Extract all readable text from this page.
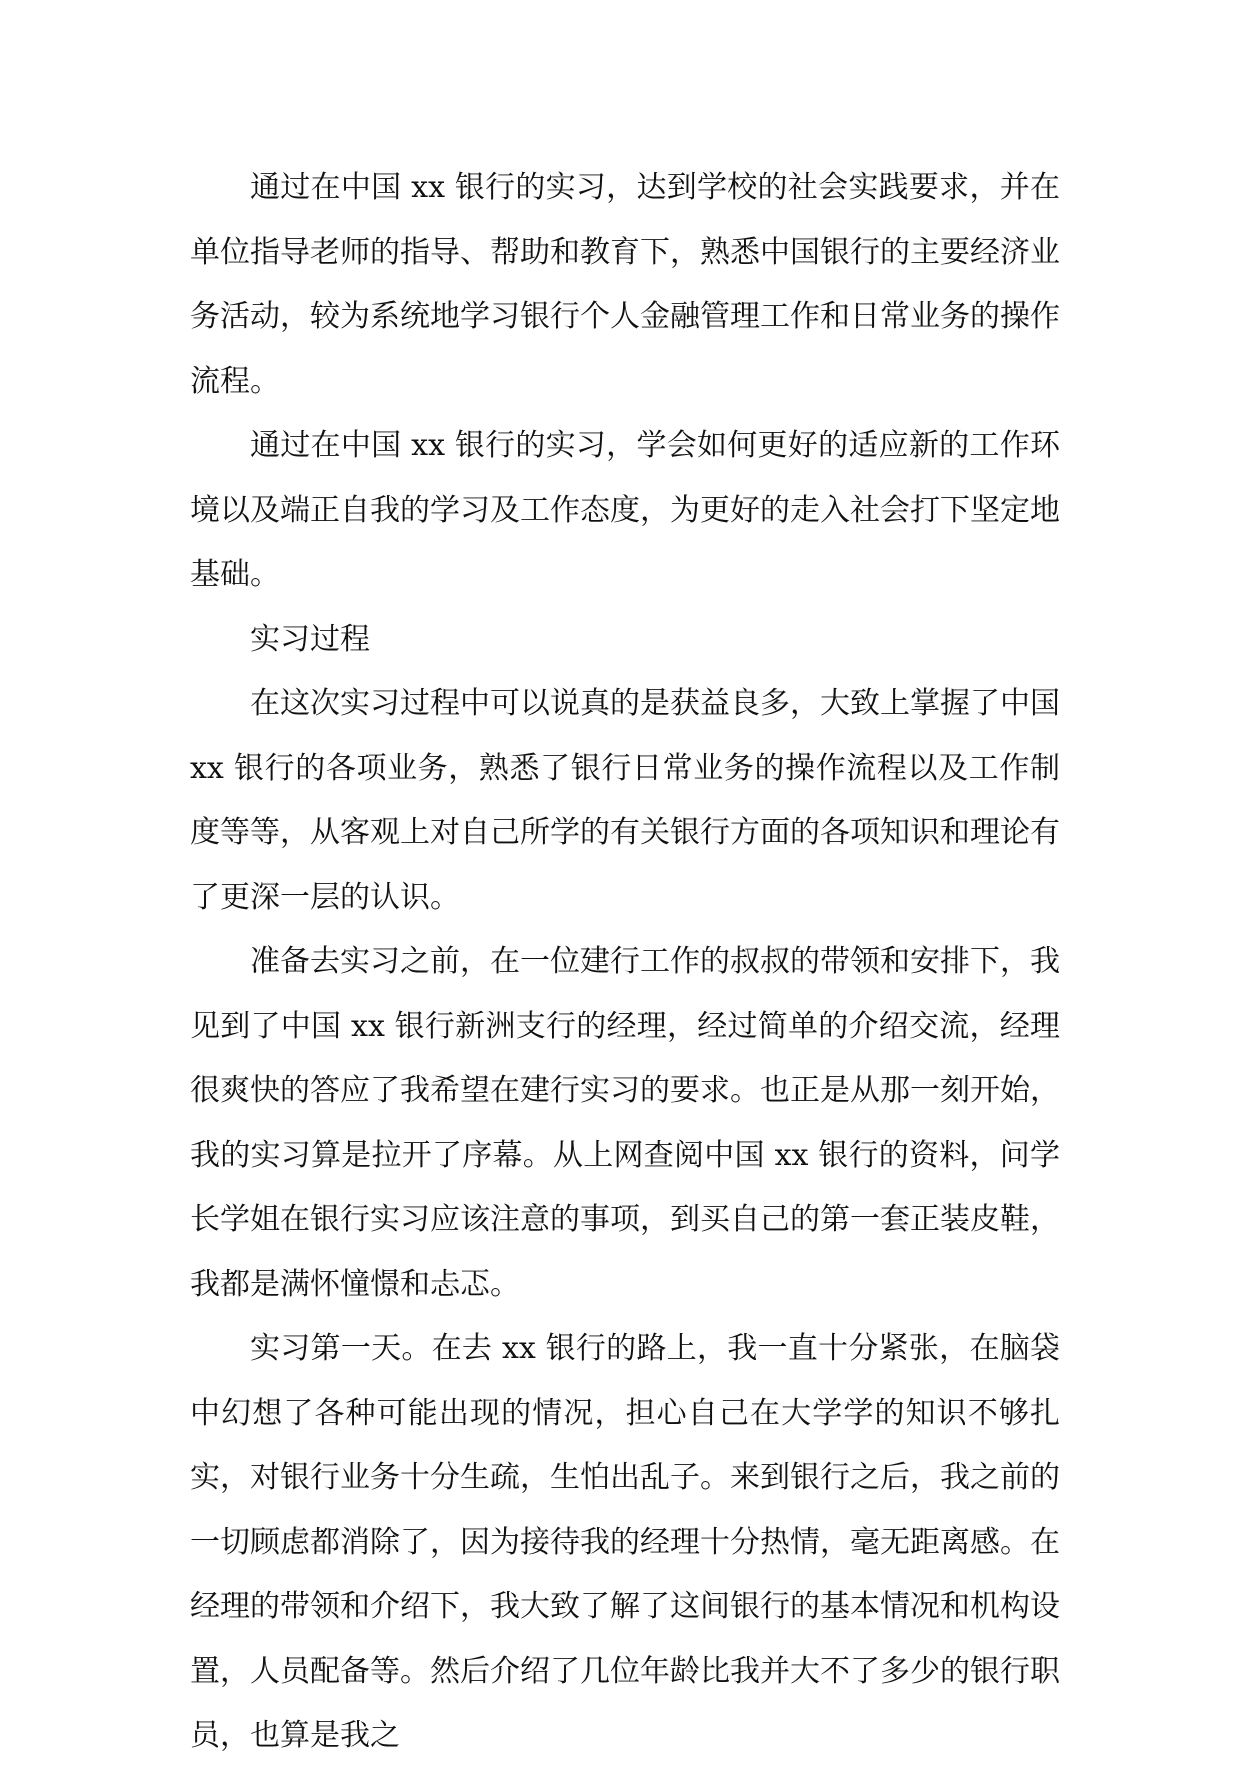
通过在中国 xx 银行的实习，达到学校的社会实践要求，并在单位指导老师的指导、帮助和教育下，熟悉中国银行的主要经济业务活动，较为系统地学习银行个人金融管理工作和日常业务的操作流程。

通过在中国 xx 银行的实习，学会如何更好的适应新的工作环境以及端正自我的学习及工作态度，为更好的走入社会打下坚定地基础。

实习过程

在这次实习过程中可以说真的是获益良多，大致上掌握了中国 xx 银行的各项业务，熟悉了银行日常业务的操作流程以及工作制度等等，从客观上对自己所学的有关银行方面的各项知识和理论有了更深一层的认识。

准备去实习之前，在一位建行工作的叔叔的带领和安排下，我见到了中国 xx 银行新洲支行的经理，经过简单的介绍交流，经理很爽快的答应了我希望在建行实习的要求。也正是从那一刻开始，我的实习算是拉开了序幕。从上网查阅中国 xx 银行的资料，问学长学姐在银行实习应该注意的事项，到买自己的第一套正装皮鞋，我都是满怀憧憬和忐忑。

实习第一天。在去 xx 银行的路上，我一直十分紧张，在脑袋中幻想了各种可能出现的情况，担心自己在大学学的知识不够扎实，对银行业务十分生疏，生怕出乱子。来到银行之后，我之前的一切顾虑都消除了，因为接待我的经理十分热情，毫无距离感。在经理的带领和介绍下，我大致了解了这间银行的基本情况和机构设置，人员配备等。然后介绍了几位年龄比我并大不了多少的银行职员，也算是我之
